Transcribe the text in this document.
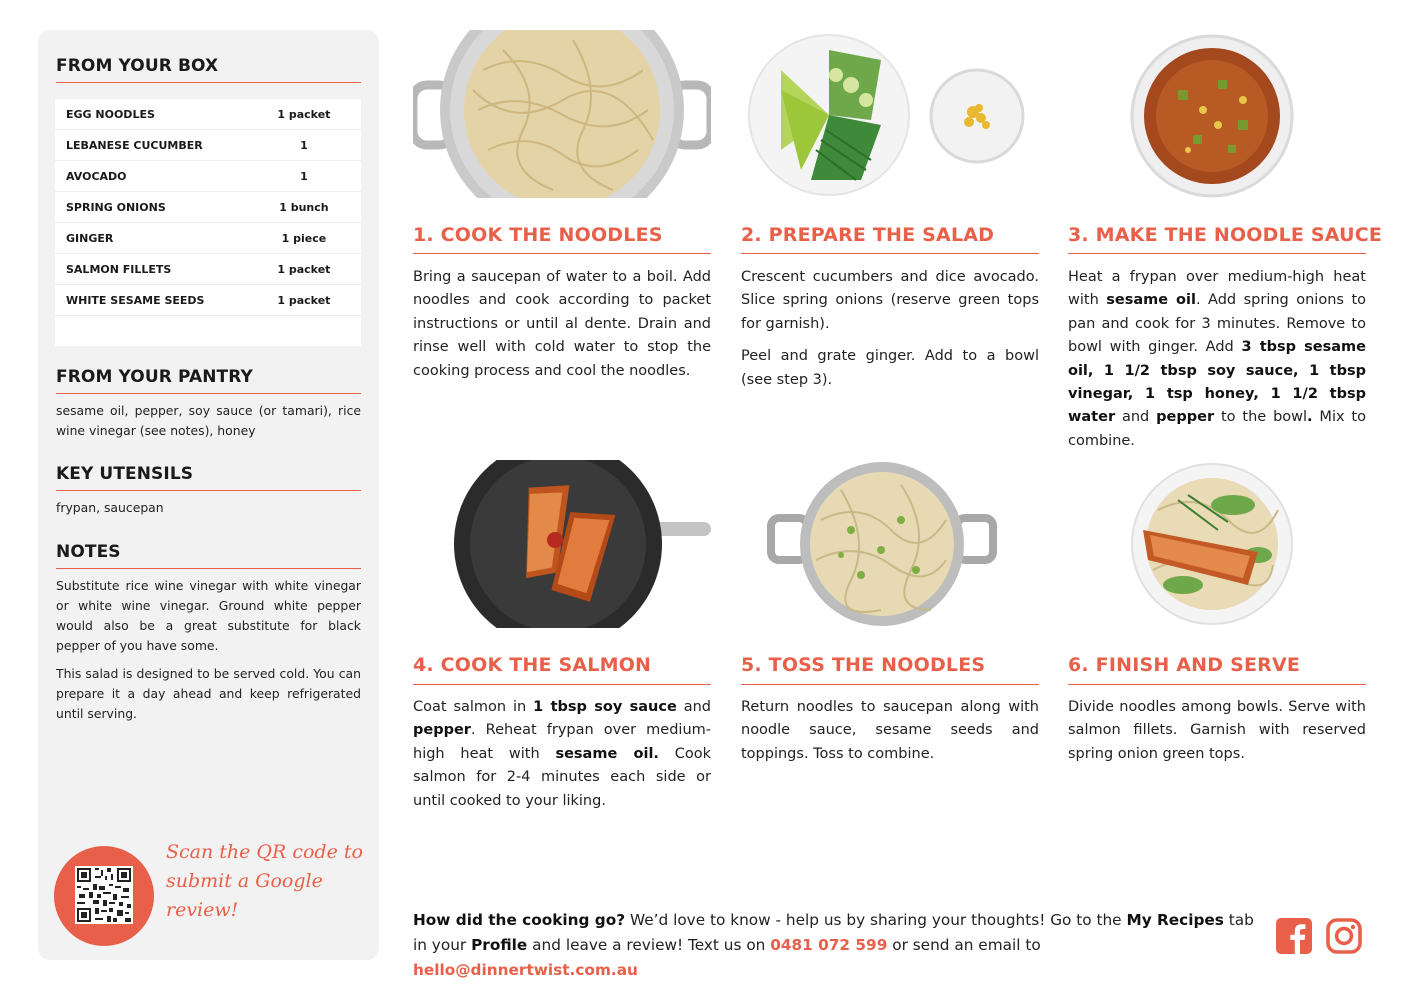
FROM YOUR BOX
EGG NOODLES	1 packet
LEBANESE CUCUMBER	1
AVOCADO	1
SPRING ONIONS	1 bunch
GINGER	1 piece
SALMON FILLETS	1 packet
WHITE SESAME SEEDS	1 packet
FROM YOUR PANTRY

sesame oil, pepper, soy sauce (or tamari), rice wine vinegar (see notes), honey

KEY UTENSILS

frypan, saucepan

NOTES

Substitute rice wine vinegar with white vinegar or white wine vinegar. Ground white pepper would also be a great substitute for black pepper of you have some.

This salad is designed to be served cold. You can prepare it a day ahead and keep refrigerated until serving.

Scan the QR code to
submit a Google review!
1. COOK THE NOODLES

Bring a saucepan of water to a boil. Add noodles and cook according to packet instructions or until al dente. Drain and rinse well with cold water to stop the cooking process and cool the noodles.

2. PREPARE THE SALAD

Crescent cucumbers and dice avocado. Slice spring onions (reserve green tops for garnish).

Peel and grate ginger. Add to a bowl (see step 3).

3. MAKE THE NOODLE SAUCE

Heat a frypan over medium-high heat with sesame oil. Add spring onions to pan and cook for 3 minutes. Remove to bowl with ginger. Add 3 tbsp sesame oil, 1 1/2 tbsp soy sauce, 1 tbsp vinegar, 1 tsp honey, 1 1/2 tbsp water and pepper to the bowl. Mix to combine.

4. COOK THE SALMON

Coat salmon in 1 tbsp soy sauce and pepper. Reheat frypan over medium-high heat with sesame oil. Cook salmon for 2-4 minutes each side or until cooked to your liking.

5. TOSS THE NOODLES

Return noodles to saucepan along with noodle sauce, sesame seeds and toppings. Toss to combine.

6. FINISH AND SERVE

Divide noodles among bowls. Serve with salmon fillets. Garnish with reserved spring onion green tops.

How did the cooking go? We’d love to know - help us by sharing your thoughts! Go to the My Recipes tab in your Profile and leave a review! Text us on 0481 072 599 or send an email to hello@dinnertwist.com.au
